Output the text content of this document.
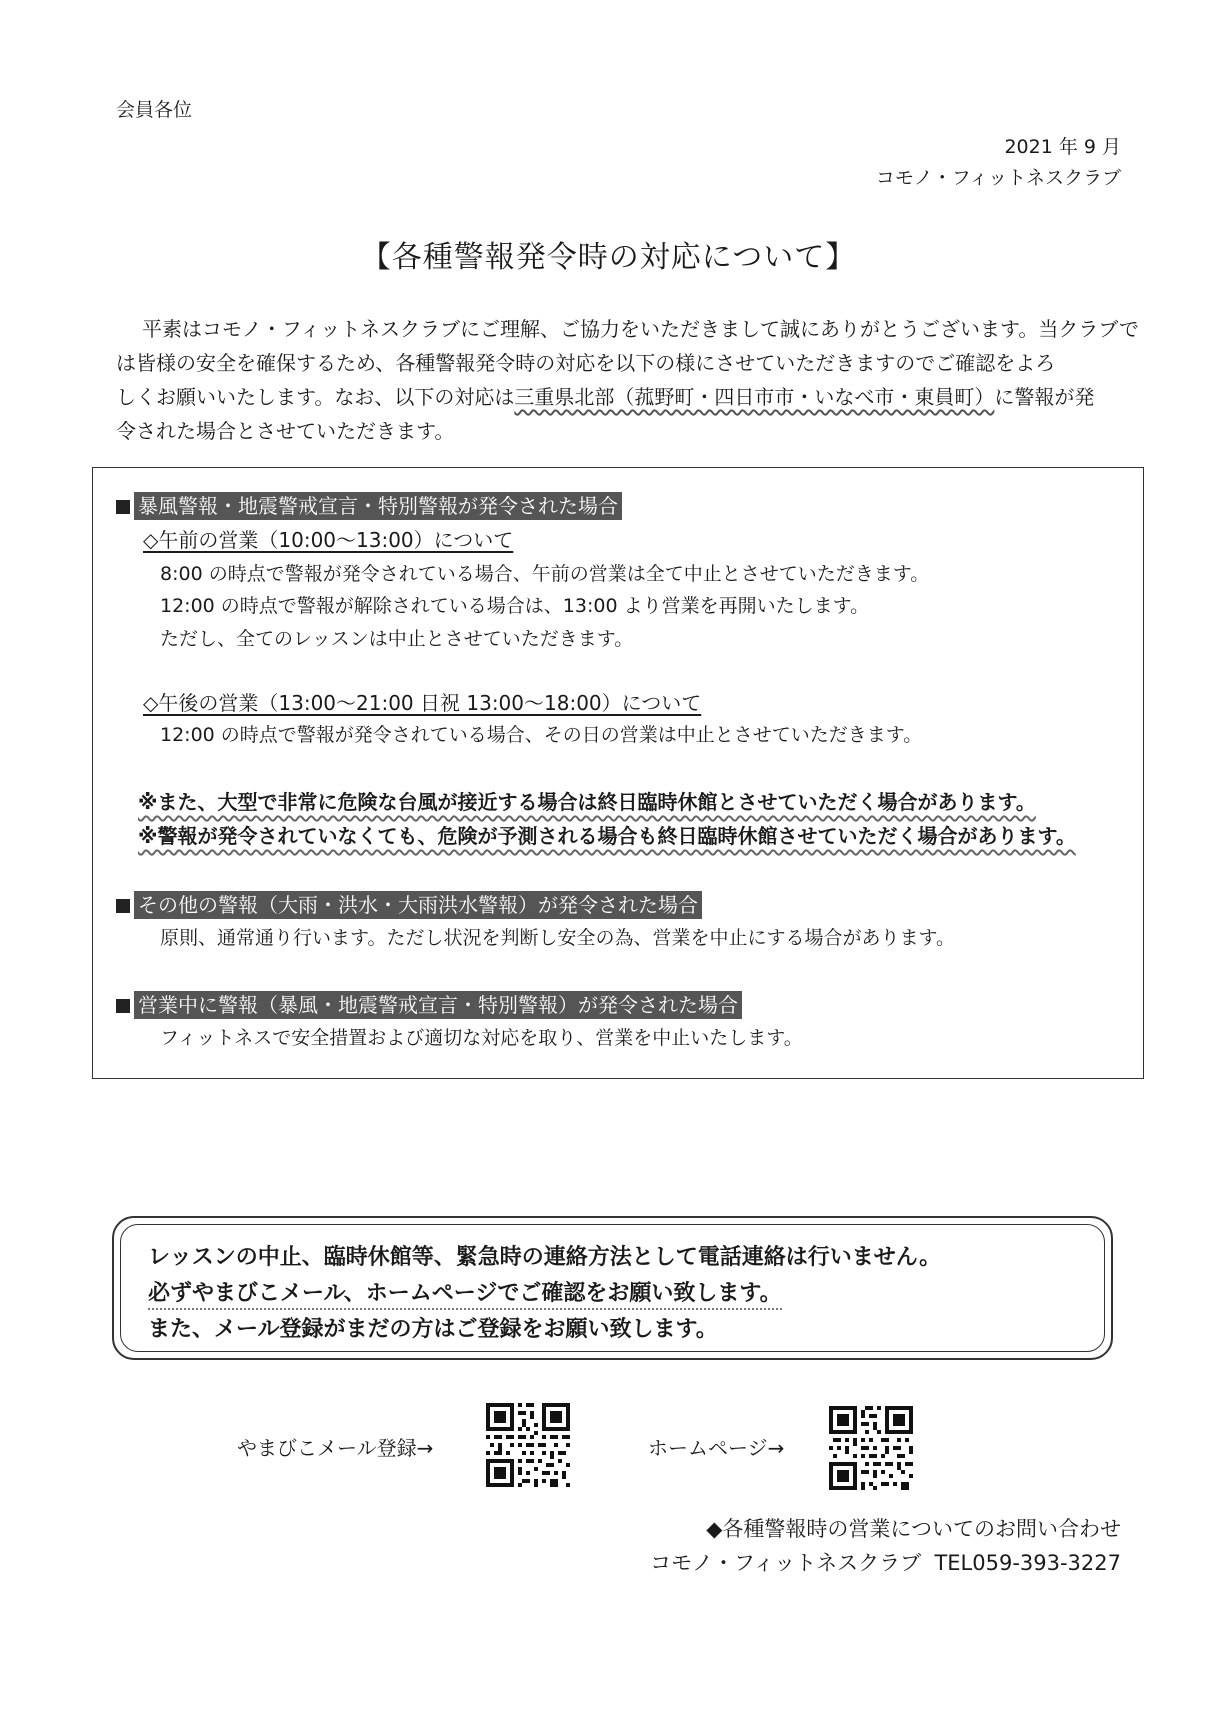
会員各位
2021 年 9 月
コモノ・フィットネスクラブ
【各種警報発令時の対応について】
平素はコモノ・フィットネスクラブにご理解、ご協力をいただきまして誠にありがとうございます。当クラブで
は皆様の安全を確保するため、各種警報発令時の対応を以下の様にさせていただきますのでご確認をよろ
しくお願いいたします。なお、以下の対応は三重県北部（菰野町・四日市市・いなべ市・東員町）に警報が発
令された場合とさせていただきます。
暴風警報・地震警戒宣言・特別警報が発令された場合
◇午前の営業（10:00～13:00）について
8:00 の時点で警報が発令されている場合、午前の営業は全て中止とさせていただきます。
12:00 の時点で警報が解除されている場合は、13:00 より営業を再開いたします。
ただし、全てのレッスンは中止とさせていただきます。
◇午後の営業（13:00～21:00 日祝 13:00～18:00）について
12:00 の時点で警報が発令されている場合、その日の営業は中止とさせていただきます。
※また、大型で非常に危険な台風が接近する場合は終日臨時休館とさせていただく場合があります。
※警報が発令されていなくても、危険が予測される場合も終日臨時休館させていただく場合があります。
その他の警報（大雨・洪水・大雨洪水警報）が発令された場合
原則、通常通り行います。ただし状況を判断し安全の為、営業を中止にする場合があります。
営業中に警報（暴風・地震警戒宣言・特別警報）が発令された場合
フィットネスで安全措置および適切な対応を取り、営業を中止いたします。
レッスンの中止、臨時休館等、緊急時の連絡方法として電話連絡は行いません。
必ずやまびこメール、ホームページでご確認をお願い致します。
また、メール登録がまだの方はご登録をお願い致します。
やまびこメール登録→	ホームページ→
◆各種警報時の営業についてのお問い合わせ
コモノ・フィットネスクラブ TEL059-393-3227
